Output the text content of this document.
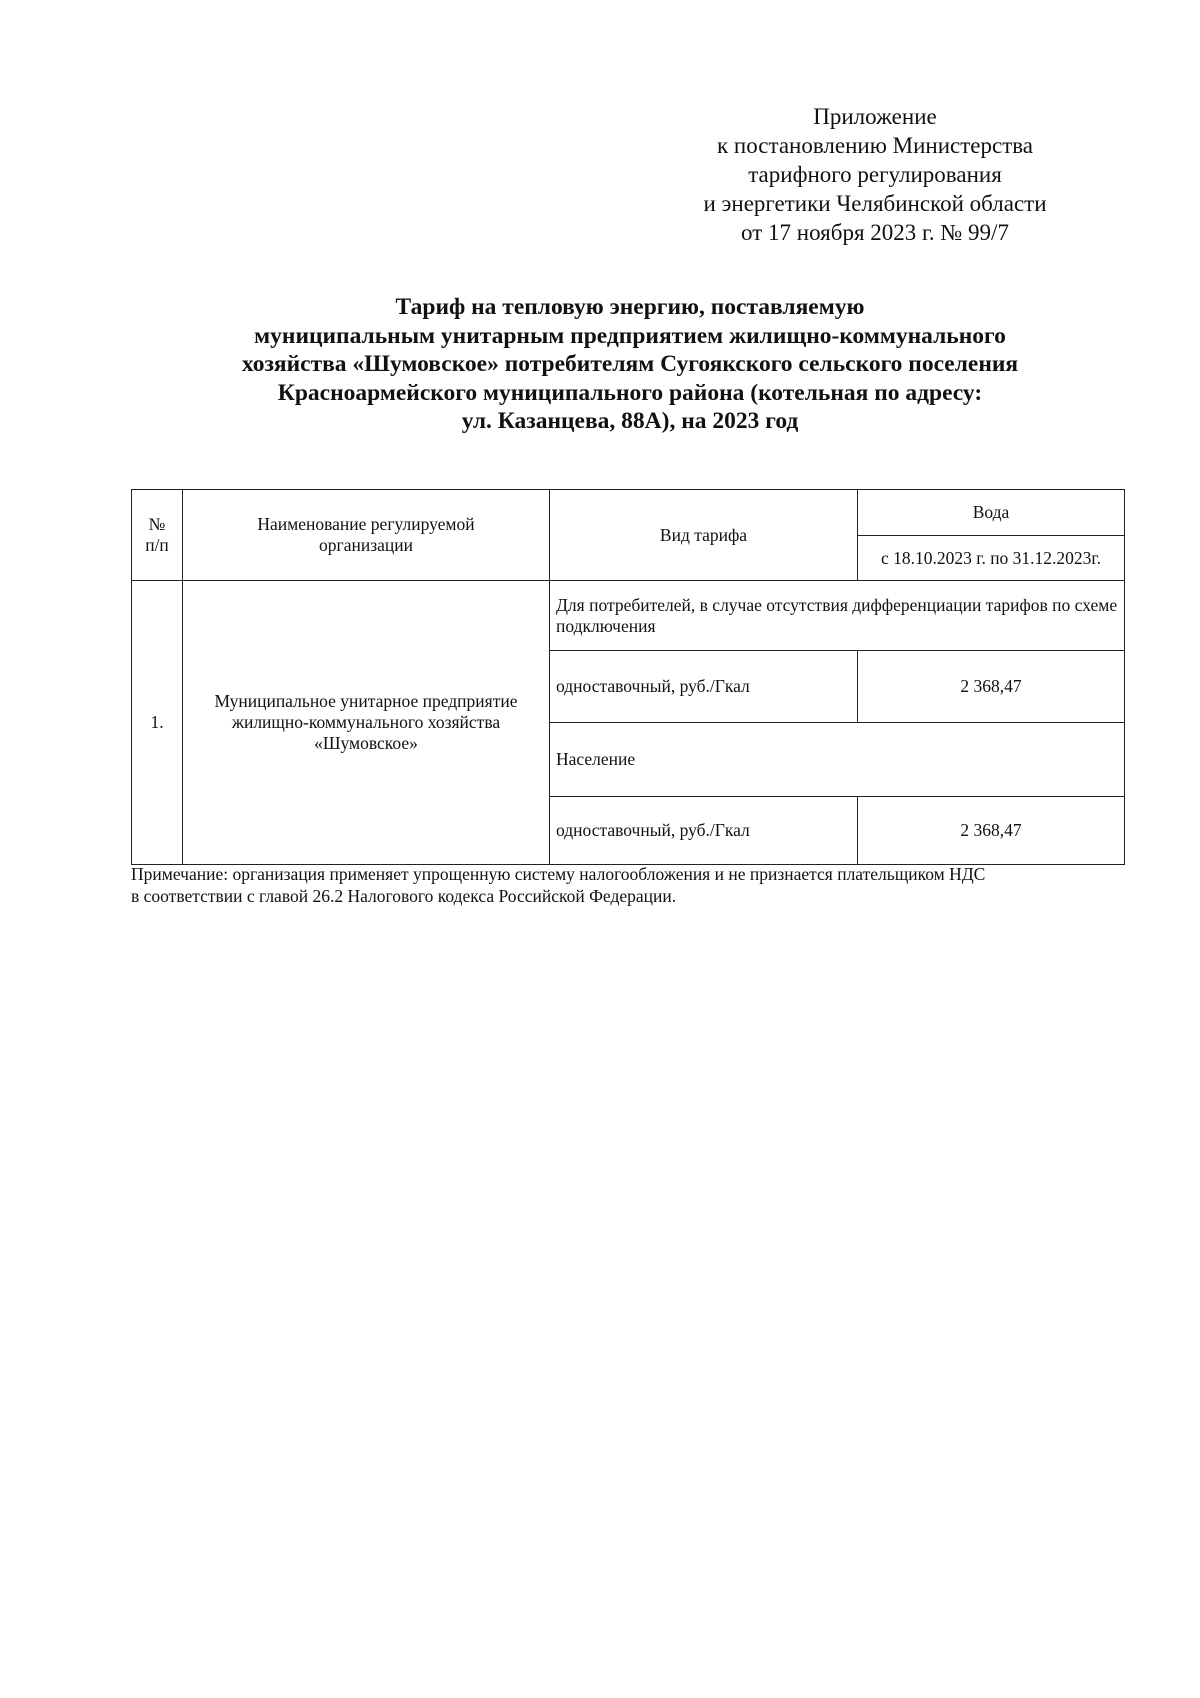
Приложение
к постановлению Министерства
тарифного регулирования
и энергетики Челябинской области
от 17 ноября 2023 г. № 99/7
Тариф на тепловую энергию, поставляемую
муниципальным унитарным предприятием жилищно-коммунального
хозяйства «Шумовское» потребителям Сугоякского сельского поселения
Красноармейского муниципального района (котельная по адресу:
ул. Казанцева, 88А), на 2023 год
№
п/п	Наименование регулируемой организации	Вид тарифа	Вода
			с 18.10.2023 г. по 31.12.2023г.
1.	Муниципальное унитарное предприятие жилищно-коммунального хозяйства «Шумовское»	Для потребителей, в случае отсутствия дифференциации тарифов по схеме подключения	
		одноставочный, руб./Гкал	2 368,47
		Население	
		одноставочный, руб./Гкал	2 368,47
Примечание: организация применяет упрощенную систему налогообложения и не признается плательщиком НДС
в соответствии с главой 26.2 Налогового кодекса Российской Федерации.
